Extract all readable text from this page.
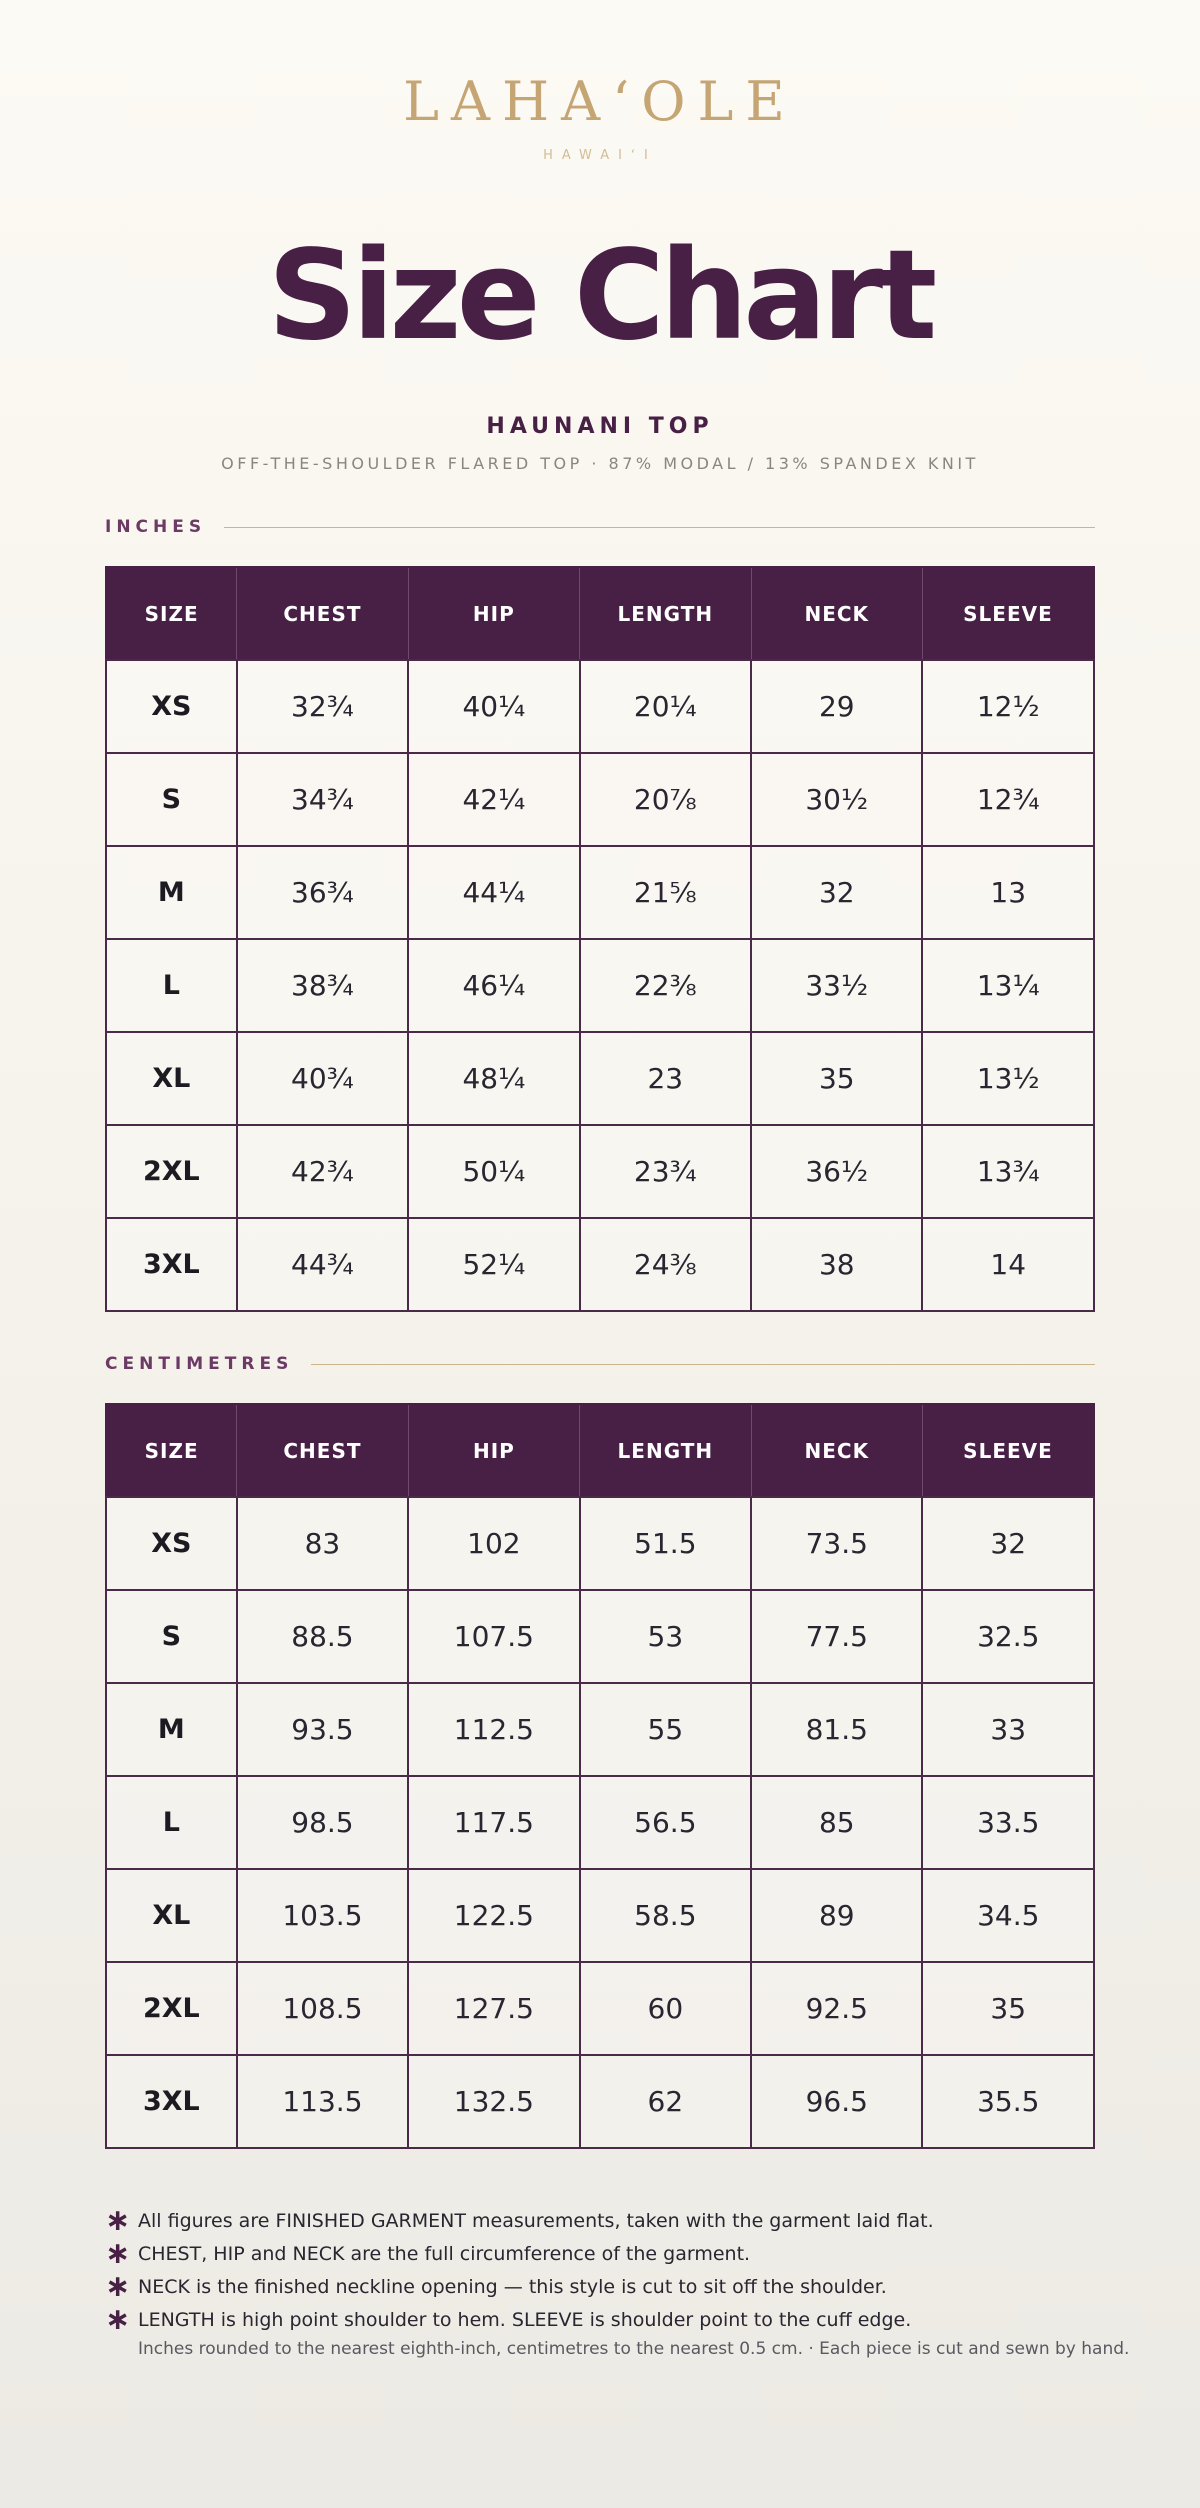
LAHAʻOLE
HAWAIʻI
Size Chart
HAUNANI TOP
OFF-THE-SHOULDER FLARED TOP · 87% MODAL / 13% SPANDEX KNIT
INCHES
SIZE	CHEST	HIP	LENGTH	NECK	SLEEVE
XS	32¾	40¼	20¼	29	12½
S	34¾	42¼	20⅞	30½	12¾
M	36¾	44¼	21⅝	32	13
L	38¾	46¼	22⅜	33½	13¼
XL	40¾	48¼	23	35	13½
2XL	42¾	50¼	23¾	36½	13¾
3XL	44¾	52¼	24⅜	38	14
CENTIMETRES
SIZE	CHEST	HIP	LENGTH	NECK	SLEEVE
XS	83	102	51.5	73.5	32
S	88.5	107.5	53	77.5	32.5
M	93.5	112.5	55	81.5	33
L	98.5	117.5	56.5	85	33.5
XL	103.5	122.5	58.5	89	34.5
2XL	108.5	127.5	60	92.5	35
3XL	113.5	132.5	62	96.5	35.5
∗ All figures are FINISHED GARMENT measurements, taken with the garment laid flat.
∗ CHEST, HIP and NECK are the full circumference of the garment.
∗ NECK is the finished neckline opening — this style is cut to sit off the shoulder.
∗ LENGTH is high point shoulder to hem. SLEEVE is shoulder point to the cuff edge.
Inches rounded to the nearest eighth-inch, centimetres to the nearest 0.5 cm. · Each piece is cut and sewn by hand.
